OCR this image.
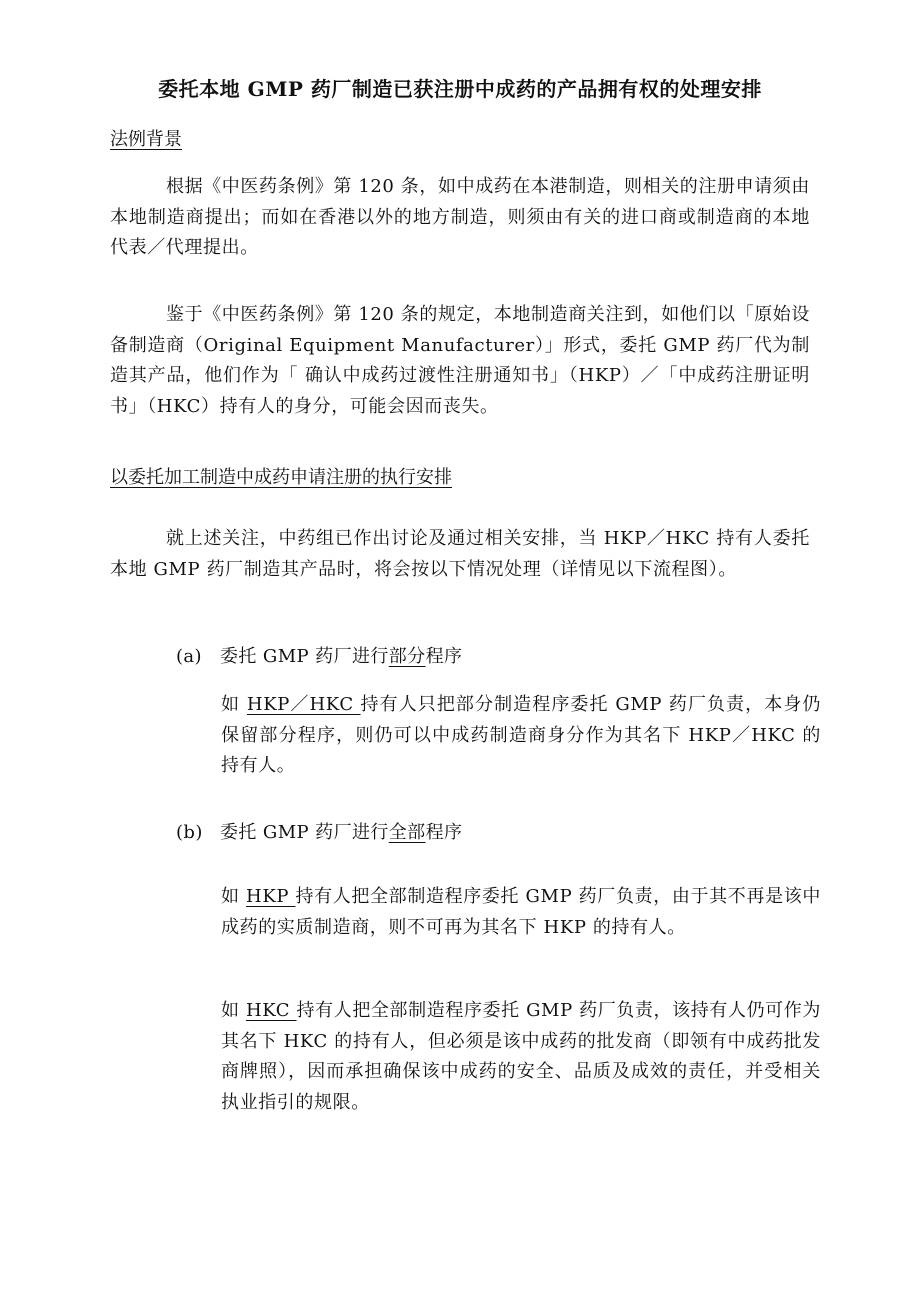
委托本地 GMP 药厂制造已获注册中成药的产品拥有权的处理安排
法例背景

根据《中医药条例》第 120 条，如中成药在本港制造，则相关的注册申请须由本地制造商提出；而如在香港以外的地方制造，则须由有关的进口商或制造商的本地代表／代理提出。

鉴于《中医药条例》第 120 条的规定，本地制造商关注到，如他们以「原始设备制造商（Original Equipment Manufacturer）」形式，委托 GMP 药厂代为制造其产品，他们作为「 确认中成药过渡性注册通知书」（HKP）／「中成药注册证明书」（HKC）持有人的身分，可能会因而丧失。

以委托加工制造中成药申请注册的执行安排

就上述关注，中药组已作出讨论及通过相关安排，当 HKP／HKC 持有人委托本地 GMP 药厂制造其产品时，将会按以下情况处理（详情见以下流程图）。

(a) 委托 GMP 药厂进行部分程序

如 HKP／HKC 持有人只把部分制造程序委托 GMP 药厂负责，本身仍保留部分程序，则仍可以中成药制造商身分作为其名下 HKP／HKC 的持有人。

(b) 委托 GMP 药厂进行全部程序

如 HKP 持有人把全部制造程序委托 GMP 药厂负责，由于其不再是该中成药的实质制造商，则不可再为其名下 HKP 的持有人。

如 HKC 持有人把全部制造程序委托 GMP 药厂负责，该持有人仍可作为其名下 HKC 的持有人，但必须是该中成药的批发商（即领有中成药批发商牌照），因而承担确保该中成药的安全、品质及成效的责任，并受相关执业指引的规限。
